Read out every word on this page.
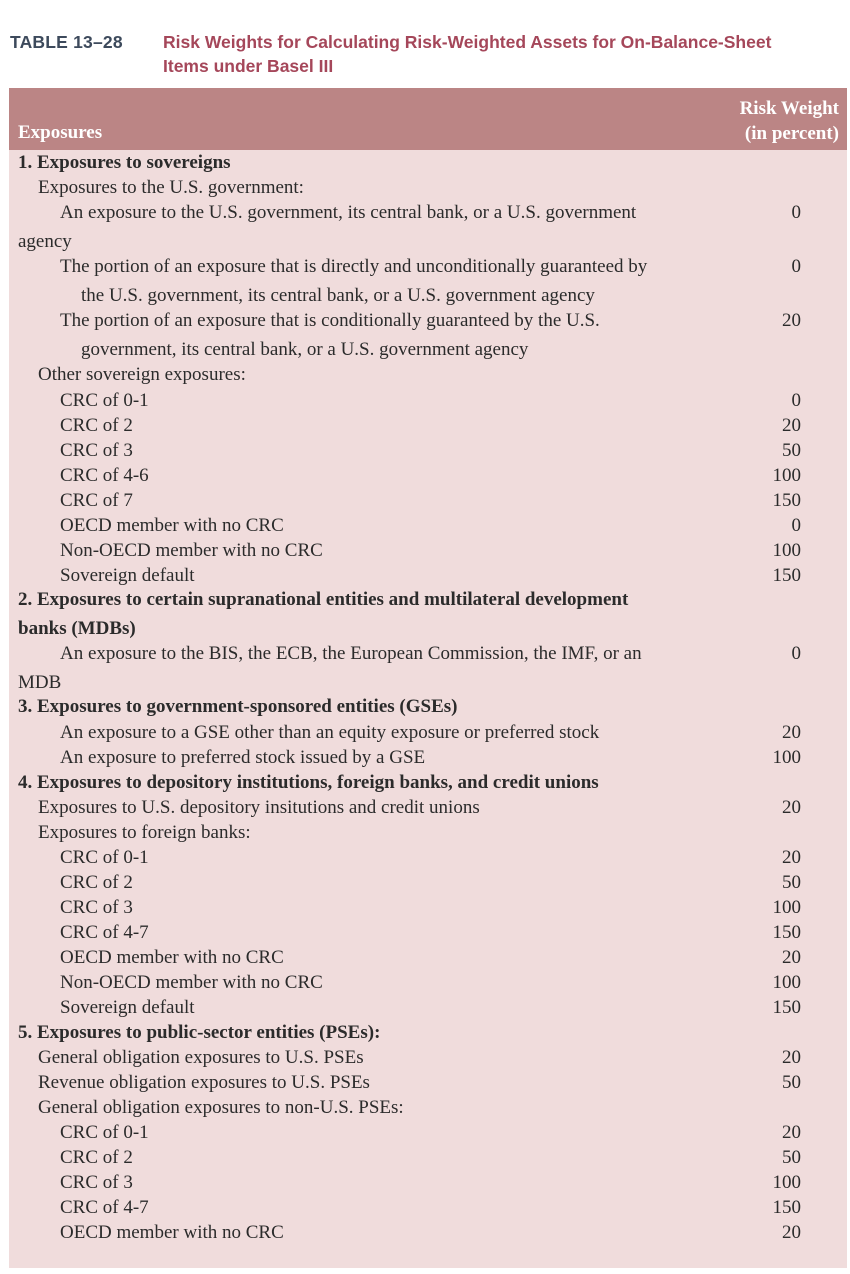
TABLE 13–28 Risk Weights for Calculating Risk-Weighted Assets for On-Balance-Sheet
Items under Basel III
Exposures
Risk Weight
(in percent)
1. Exposures to sovereigns
Exposures to the U.S. government:
An exposure to the U.S. government, its central bank, or a U.S. government	0
agency
The portion of an exposure that is directly and unconditionally guaranteed by	0
the U.S. government, its central bank, or a U.S. government agency
The portion of an exposure that is conditionally guaranteed by the U.S.	20
government, its central bank, or a U.S. government agency
Other sovereign exposures:
CRC of 0-1	0
CRC of 2	20
CRC of 3	50
CRC of 4-6	100
CRC of 7	150
OECD member with no CRC	0
Non-OECD member with no CRC	100
Sovereign default	150
2. Exposures to certain supranational entities and multilateral development
banks (MDBs)
An exposure to the BIS, the ECB, the European Commission, the IMF, or an	0
MDB
3. Exposures to government-sponsored entities (GSEs)
An exposure to a GSE other than an equity exposure or preferred stock	20
An exposure to preferred stock issued by a GSE	100
4. Exposures to depository institutions, foreign banks, and credit unions
Exposures to U.S. depository insitutions and credit unions	20
Exposures to foreign banks:
CRC of 0-1	20
CRC of 2	50
CRC of 3	100
CRC of 4-7	150
OECD member with no CRC	20
Non-OECD member with no CRC	100
Sovereign default	150
5. Exposures to public-sector entities (PSEs):
General obligation exposures to U.S. PSEs	20
Revenue obligation exposures to U.S. PSEs	50
General obligation exposures to non-U.S. PSEs:
CRC of 0-1	20
CRC of 2	50
CRC of 3	100
CRC of 4-7	150
OECD member with no CRC	20
